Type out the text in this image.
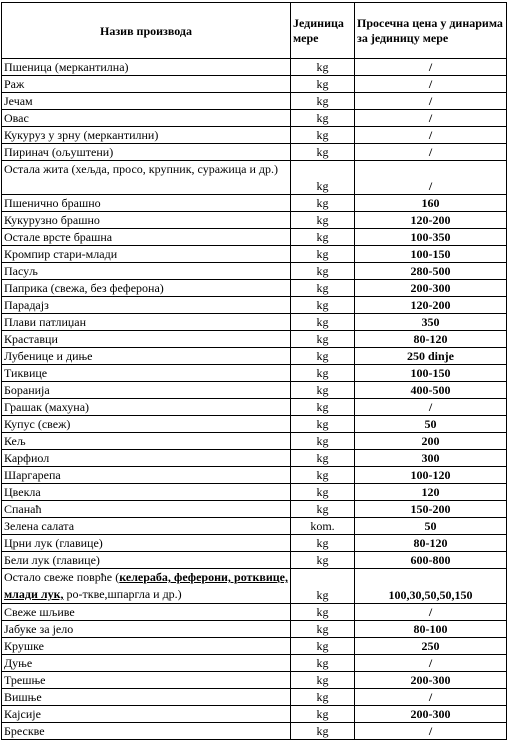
Назив производа	Јединица мере	Просечна цена у динарима за јединицу мере
Пшеница (меркантилна)	kg	/
Раж	kg	/
Јечам	kg	/
Овас	kg	/
Кукуруз у зрну (меркантилни)	kg	/
Пиринач (ољуштени)	kg	/
Остала жита (хељда, просо, крупник, суражица и др.)	kg	/
Пшенично брашно	kg	160
Кукурузно брашно	kg	120-200
Остале врсте брашна	kg	100-350
Кромпир стари-млади	kg	100-150
Пасуљ	kg	280-500
Паприка (свежа, без феферона)	kg	200-300
Парадајз	kg	120-200
Плави патлиџан	kg	350
Краставци	kg	80-120
Лубенице и диње	kg	250 dinje
Тиквице	kg	100-150
Боранија	kg	400-500
Грашак (махуна)	kg	/
Купус (свеж)	kg	50
Кељ	kg	200
Карфиол	kg	300
Шаргарепа	kg	100-120
Цвекла	kg	120
Спанаћ	kg	150-200
Зелена салата	kom.	50
Црни лук (главице)	kg	80-120
Бели лук (главице)	kg	600-800
Остало свеже поврће (келераба, феферони, ротквице, млади лук, ро-ткве,шпаргла и др.)	kg	100,30,50,50,150
Свеже шљиве	kg	/
Јабуке за јело	kg	80-100
Крушке	kg	250
Дуње	kg	/
Трешње	kg	200-300
Вишње	kg	/
Кајсије	kg	200-300
Брескве	kg	/
